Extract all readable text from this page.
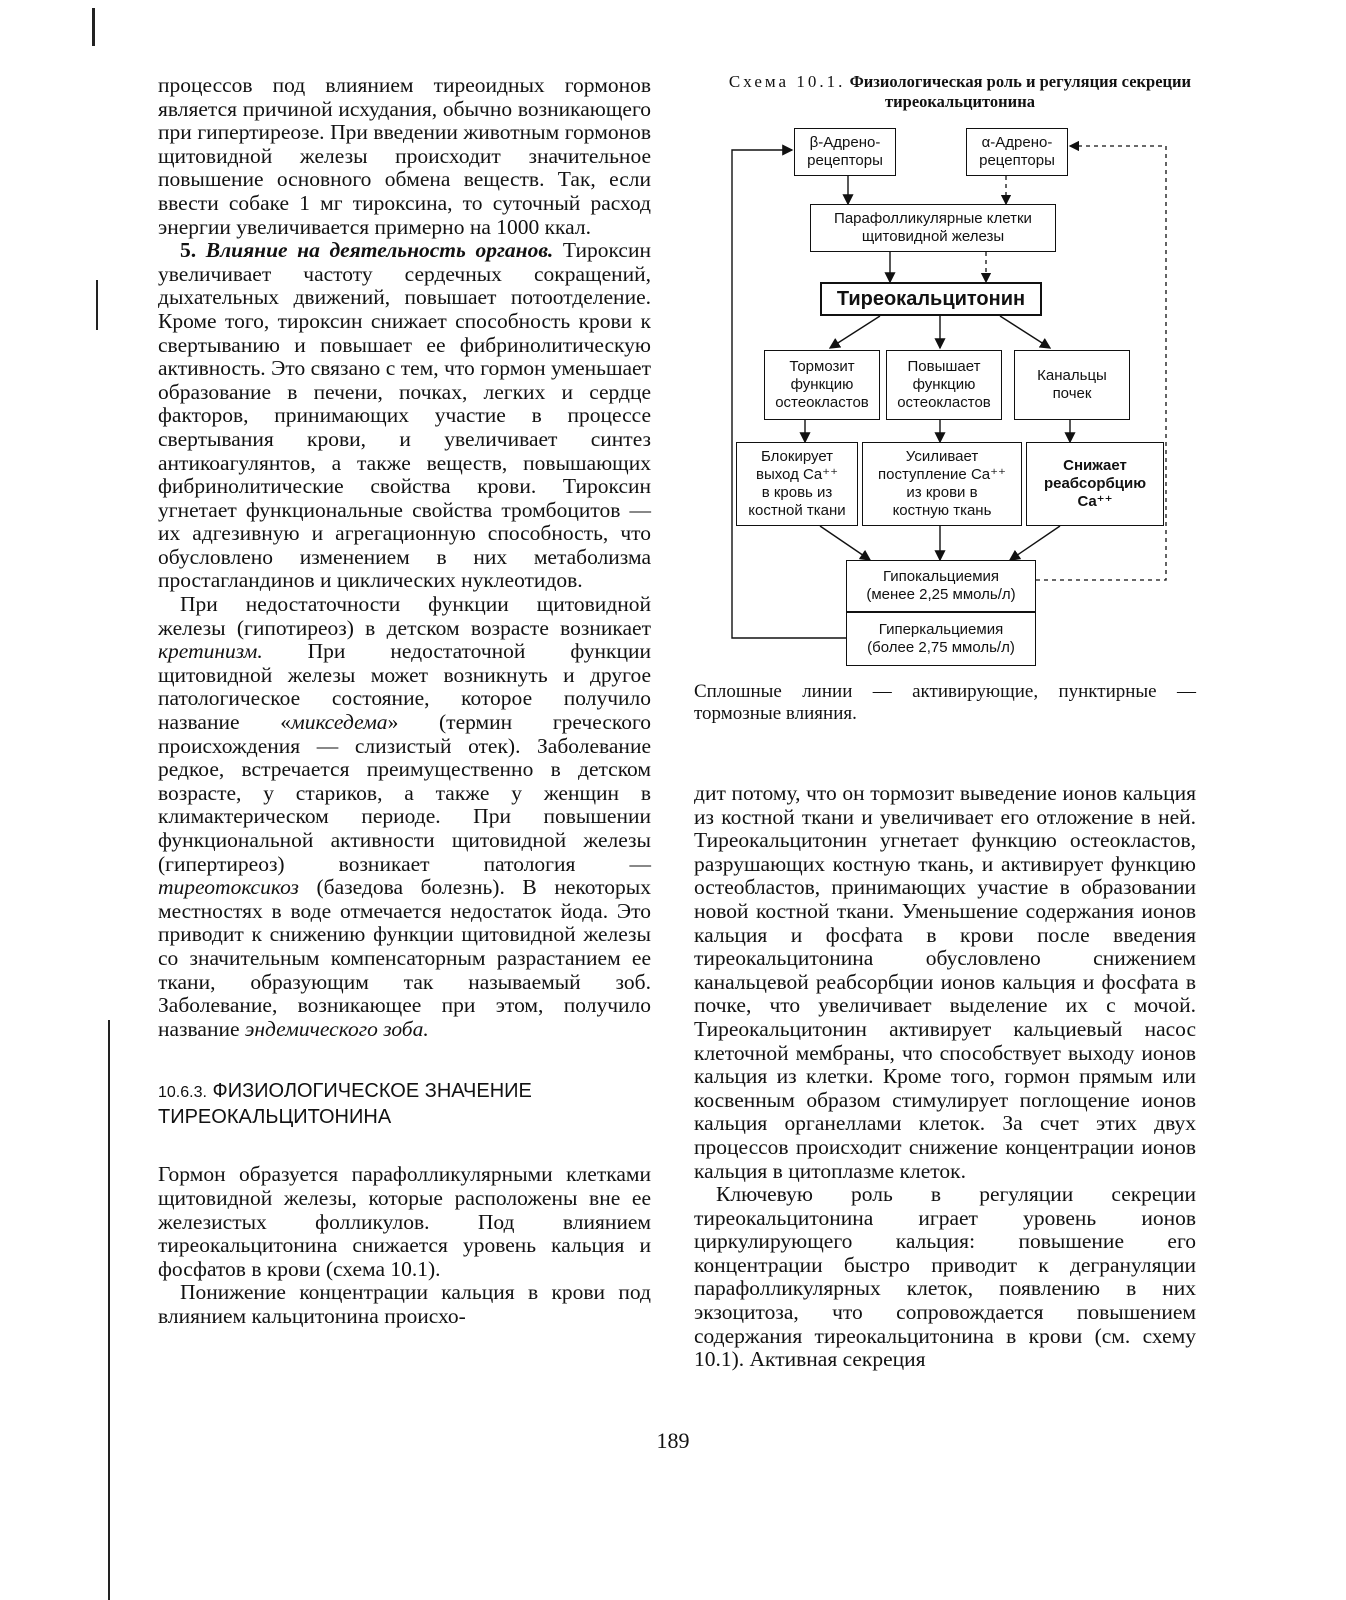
процессов под влиянием тиреоидных гормонов является причиной исхудания, обычно возникающего при гипертиреозе. При введении животным гормонов щитовидной железы происходит значительное повышение основного обмена веществ. Так, если ввести собаке 1 мг тироксина, то суточный расход энергии увеличивается примерно на 1000 ккал.

5. Влияние на деятельность органов. Тироксин увеличивает частоту сердечных сокращений, дыхательных движений, повышает потоотделение. Кроме того, тироксин снижает способность крови к свертыванию и повышает ее фибринолитическую активность. Это связано с тем, что гормон уменьшает образование в печени, почках, легких и сердце факторов, принимающих участие в процессе свертывания крови, и увеличивает синтез антикоагулянтов, а также веществ, повышающих фибринолитические свойства крови. Тироксин угнетает функциональные свойства тромбоцитов — их адгезивную и агрегационную способность, что обусловлено изменением в них метаболизма простагландинов и циклических нуклеотидов.

При недостаточности функции щитовидной железы (гипотиреоз) в детском возрасте возникает кретинизм. При недостаточной функции щитовидной железы может возникнуть и другое патологическое состояние, которое получило название «микседема» (термин греческого происхождения — слизистый отек). Заболевание редкое, встречается преимущественно в детском возрасте, у стариков, а также у женщин в климактерическом периоде. При повышении функциональной активности щитовидной железы (гипертиреоз) возникает патология — тиреотоксикоз (базедова болезнь). В некоторых местностях в воде отмечается недостаток йода. Это приводит к снижению функции щитовидной железы со значительным компенсаторным разрастанием ее ткани, образующим так называемый зоб. Заболевание, возникающее при этом, получило название эндемического зоба.

10.6.3. ФИЗИОЛОГИЧЕСКОЕ ЗНАЧЕНИЕ ТИРЕОКАЛЬЦИТОНИНА

Гормон образуется парафолликулярными клетками щитовидной железы, которые расположены вне ее железистых фолликулов. Под влиянием тиреокальцитонина снижается уровень кальция и фосфатов в крови (схема 10.1).

Понижение концентрации кальция в крови под влиянием кальцитонина происхо-

Схема 10.1. Физиологическая роль и регуляция секреции тиреокальцитонина
β-Адрено-
рецепторы
α-Адрено-
рецепторы
Парафолликулярные клетки
щитовидной железы
Тиреокальцитонин
Тормозит
функцию
остеокластов
Повышает
функцию
остеокластов
Канальцы
почек
Блокирует
выход Ca⁺⁺
в кровь из
костной ткани
Усиливает
поступление Ca⁺⁺
из крови в
костную ткань
Снижает
реабсорбцию
Ca⁺⁺
Гипокальциемия
(менее 2,25 ммоль/л)
Гиперкальциемия
(более 2,75 ммоль/л)
Сплошные линии — активирующие, пунктирные — тормозные влияния.

дит потому, что он тормозит выведение ионов кальция из костной ткани и увеличивает его отложение в ней. Тиреокальцитонин угнетает функцию остеокластов, разрушающих костную ткань, и активирует функцию остеобластов, принимающих участие в образовании новой костной ткани. Уменьшение содержания ионов кальция и фосфата в крови после введения тиреокальцитонина обусловлено снижением канальцевой реабсорбции ионов кальция и фосфата в почке, что увеличивает выделение их с мочой. Тиреокальцитонин активирует кальциевый насос клеточной мембраны, что способствует выходу ионов кальция из клетки. Кроме того, гормон прямым или косвенным образом стимулирует поглощение ионов кальция органеллами клеток. За счет этих двух процессов происходит снижение концентрации ионов кальция в цитоплазме клеток.

Ключевую роль в регуляции секреции тиреокальцитонина играет уровень ионов циркулирующего кальция: повышение его концентрации быстро приводит к дегрануляции парафолликулярных клеток, появлению в них экзоцитоза, что сопровождается повышением содержания тиреокальцитонина в крови (см. схему 10.1). Активная секреция

189
